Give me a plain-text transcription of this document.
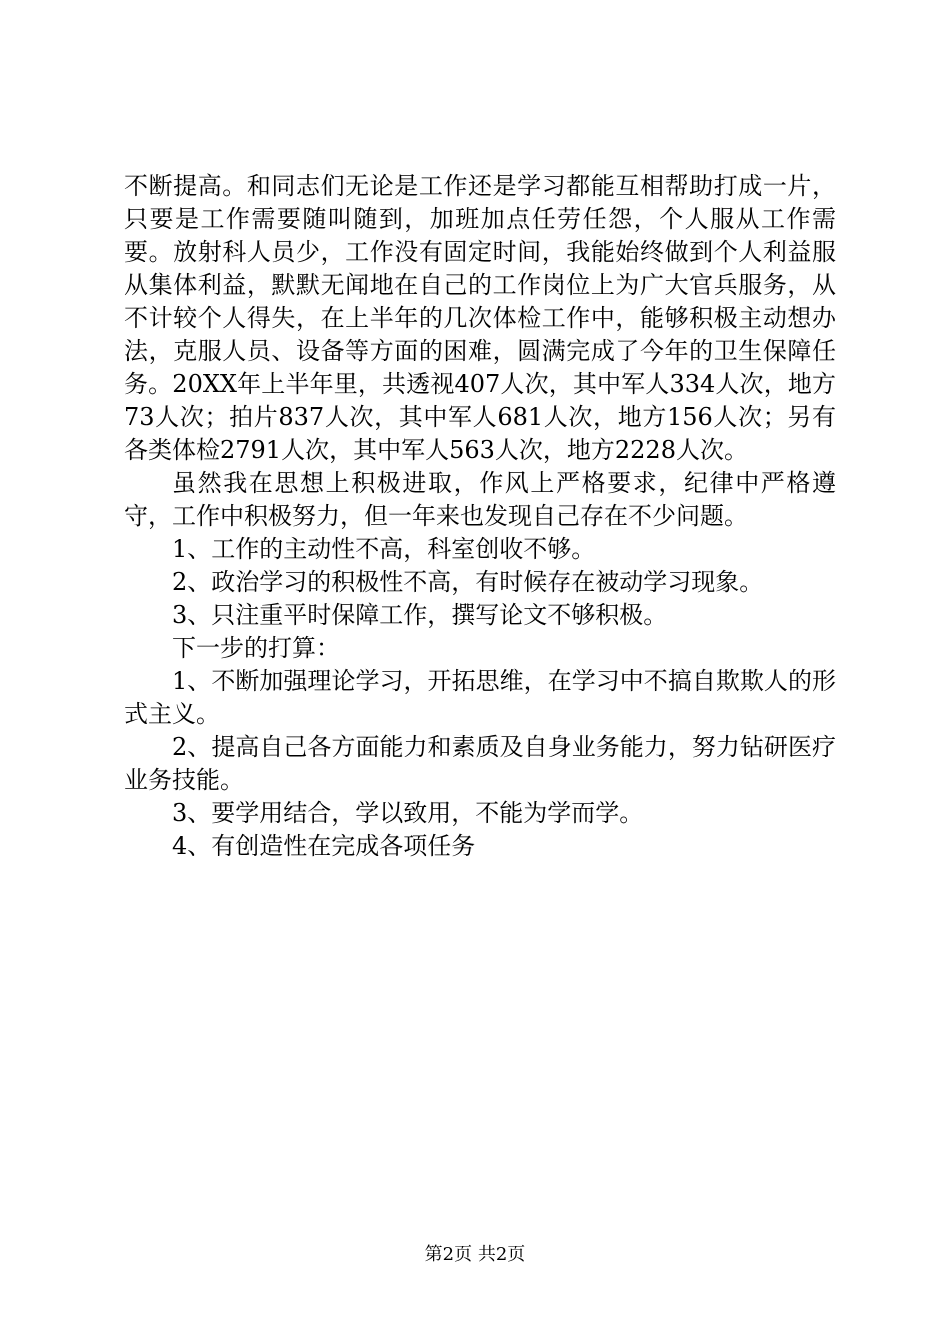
不断提高。和同志们无论是工作还是学习都能互相帮助打成一片，只要是工作需要随叫随到，加班加点任劳任怨，个人服从工作需要。放射科人员少，工作没有固定时间，我能始终做到个人利益服从集体利益，默默无闻地在自己的工作岗位上为广大官兵服务，从不计较个人得失，在上半年的几次体检工作中，能够积极主动想办法，克服人员、设备等方面的困难，圆满完成了今年的卫生保障任务。20XX年上半年里，共透视407人次，其中军人334人次，地方73人次；拍片837人次，其中军人681人次，地方156人次；另有各类体检2791人次，其中军人563人次，地方2228人次。

虽然我在思想上积极进取，作风上严格要求，纪律中严格遵守，工作中积极努力，但一年来也发现自己存在不少问题。

1、工作的主动性不高，科室创收不够。

2、政治学习的积极性不高，有时候存在被动学习现象。

3、只注重平时保障工作，撰写论文不够积极。

下一步的打算：

1、不断加强理论学习，开拓思维，在学习中不搞自欺欺人的形式主义。

2、提高自己各方面能力和素质及自身业务能力，努力钻研医疗业务技能。

3、要学用结合，学以致用，不能为学而学。

4、有创造性在完成各项任务

第2页 共2页
